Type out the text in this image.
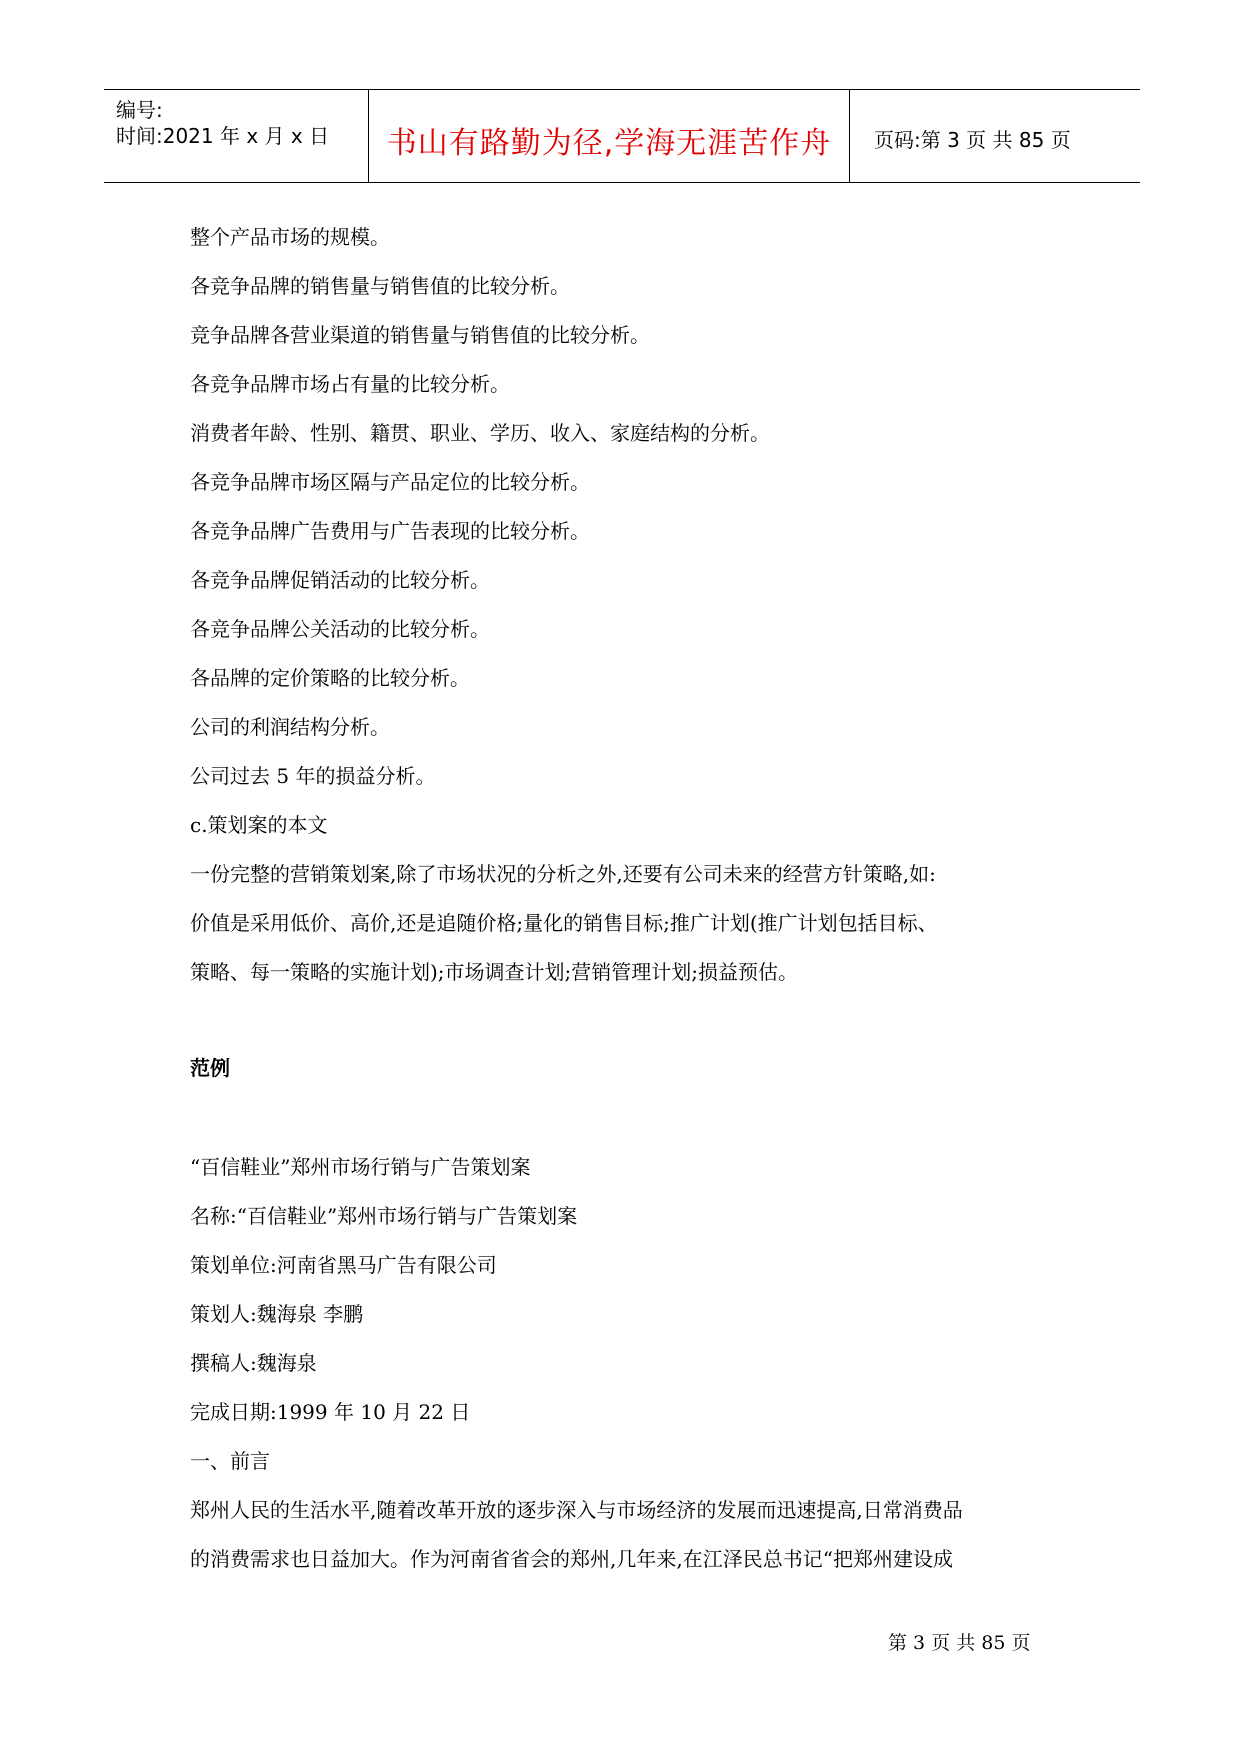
编号:
时间:2021 年 x 月 x 日	书山有路勤为径,学海无涯苦作舟	页码:第 3 页 共 85 页
整个产品市场的规模。
各竞争品牌的销售量与销售值的比较分析。
竞争品牌各营业渠道的销售量与销售值的比较分析。
各竞争品牌市场占有量的比较分析。
消费者年龄、性别、籍贯、职业、学历、收入、家庭结构的分析。
各竞争品牌市场区隔与产品定位的比较分析。
各竞争品牌广告费用与广告表现的比较分析。
各竞争品牌促销活动的比较分析。
各竞争品牌公关活动的比较分析。
各品牌的定价策略的比较分析。
公司的利润结构分析。
公司过去 5 年的损益分析。
c.策划案的本文
一份完整的营销策划案,除了市场状况的分析之外,还要有公司未来的经营方针策略,如:
价值是采用低价、高价,还是追随价格;量化的销售目标;推广计划(推广计划包括目标、
策略、每一策略的实施计划);市场调查计划;营销管理计划;损益预估。
范例
“百信鞋业”郑州市场行销与广告策划案
名称:“百信鞋业”郑州市场行销与广告策划案
策划单位:河南省黑马广告有限公司
策划人:魏海泉 李鹏
撰稿人:魏海泉
完成日期:1999 年 10 月 22 日
一、前言
郑州人民的生活水平,随着改革开放的逐步深入与市场经济的发展而迅速提高,日常消费品
的消费需求也日益加大。作为河南省省会的郑州,几年来,在江泽民总书记“把郑州建设成
第 3 页 共 85 页
